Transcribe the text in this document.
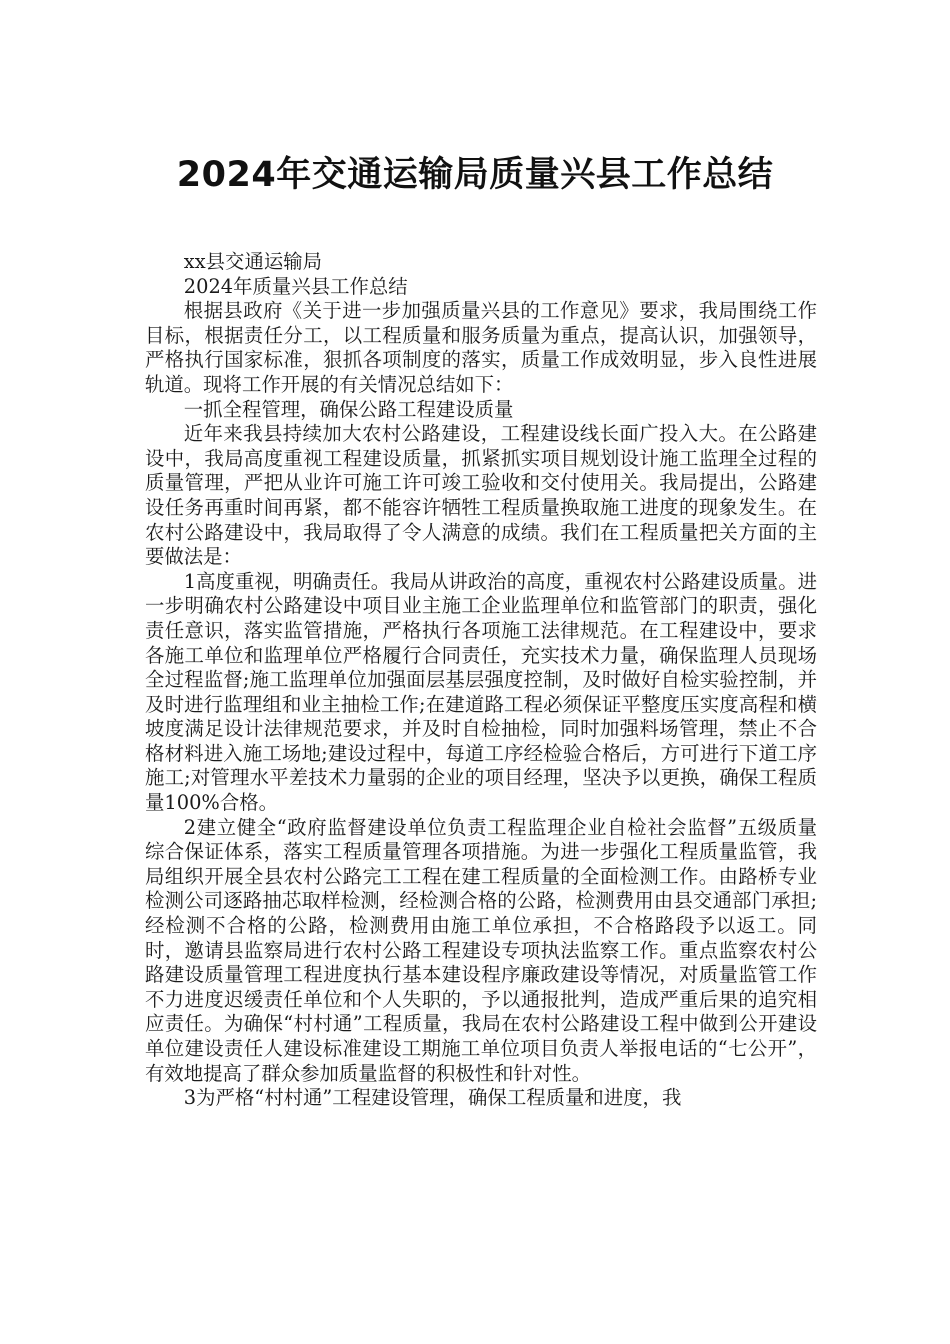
2024年交通运输局质量兴县工作总结

xx县交通运输局

2024年质量兴县工作总结

根据县政府《关于进一步加强质量兴县的工作意见》要求，我局围绕工作目标，根据责任分工，以工程质量和服务质量为重点，提高认识，加强领导，严格执行国家标准，狠抓各项制度的落实，质量工作成效明显，步入良性进展轨道。现将工作开展的有关情况总结如下：

一抓全程管理，确保公路工程建设质量

近年来我县持续加大农村公路建设，工程建设线长面广投入大。在公路建设中，我局高度重视工程建设质量，抓紧抓实项目规划设计施工监理全过程的质量管理，严把从业许可施工许可竣工验收和交付使用关。我局提出，公路建设任务再重时间再紧，都不能容许牺牲工程质量换取施工进度的现象发生。在农村公路建设中，我局取得了令人满意的成绩。我们在工程质量把关方面的主要做法是：

1高度重视，明确责任。我局从讲政治的高度，重视农村公路建设质量。进一步明确农村公路建设中项目业主施工企业监理单位和监管部门的职责，强化责任意识，落实监管措施，严格执行各项施工法律规范。在工程建设中，要求各施工单位和监理单位严格履行合同责任，充实技术力量，确保监理人员现场全过程监督;施工监理单位加强面层基层强度控制，及时做好自检实验控制，并及时进行监理组和业主抽检工作;在建道路工程必须保证平整度压实度高程和横坡度满足设计法律规范要求，并及时自检抽检，同时加强料场管理，禁止不合格材料进入施工场地;建设过程中，每道工序经检验合格后，方可进行下道工序施工;对管理水平差技术力量弱的企业的项目经理，坚决予以更换，确保工程质量100%合格。

2建立健全“政府监督建设单位负责工程监理企业自检社会监督”五级质量综合保证体系，落实工程质量管理各项措施。为进一步强化工程质量监管，我局组织开展全县农村公路完工工程在建工程质量的全面检测工作。由路桥专业检测公司逐路抽芯取样检测，经检测合格的公路，检测费用由县交通部门承担;经检测不合格的公路，检测费用由施工单位承担，不合格路段予以返工。同时，邀请县监察局进行农村公路工程建设专项执法监察工作。重点监察农村公路建设质量管理工程进度执行基本建设程序廉政建设等情况，对质量监管工作不力进度迟缓责任单位和个人失职的，予以通报批判，造成严重后果的追究相应责任。为确保“村村通”工程质量，我局在农村公路建设工程中做到公开建设单位建设责任人建设标准建设工期施工单位项目负责人举报电话的“七公开”，有效地提高了群众参加质量监督的积极性和针对性。

3为严格“村村通”工程建设管理，确保工程质量和进度，我
